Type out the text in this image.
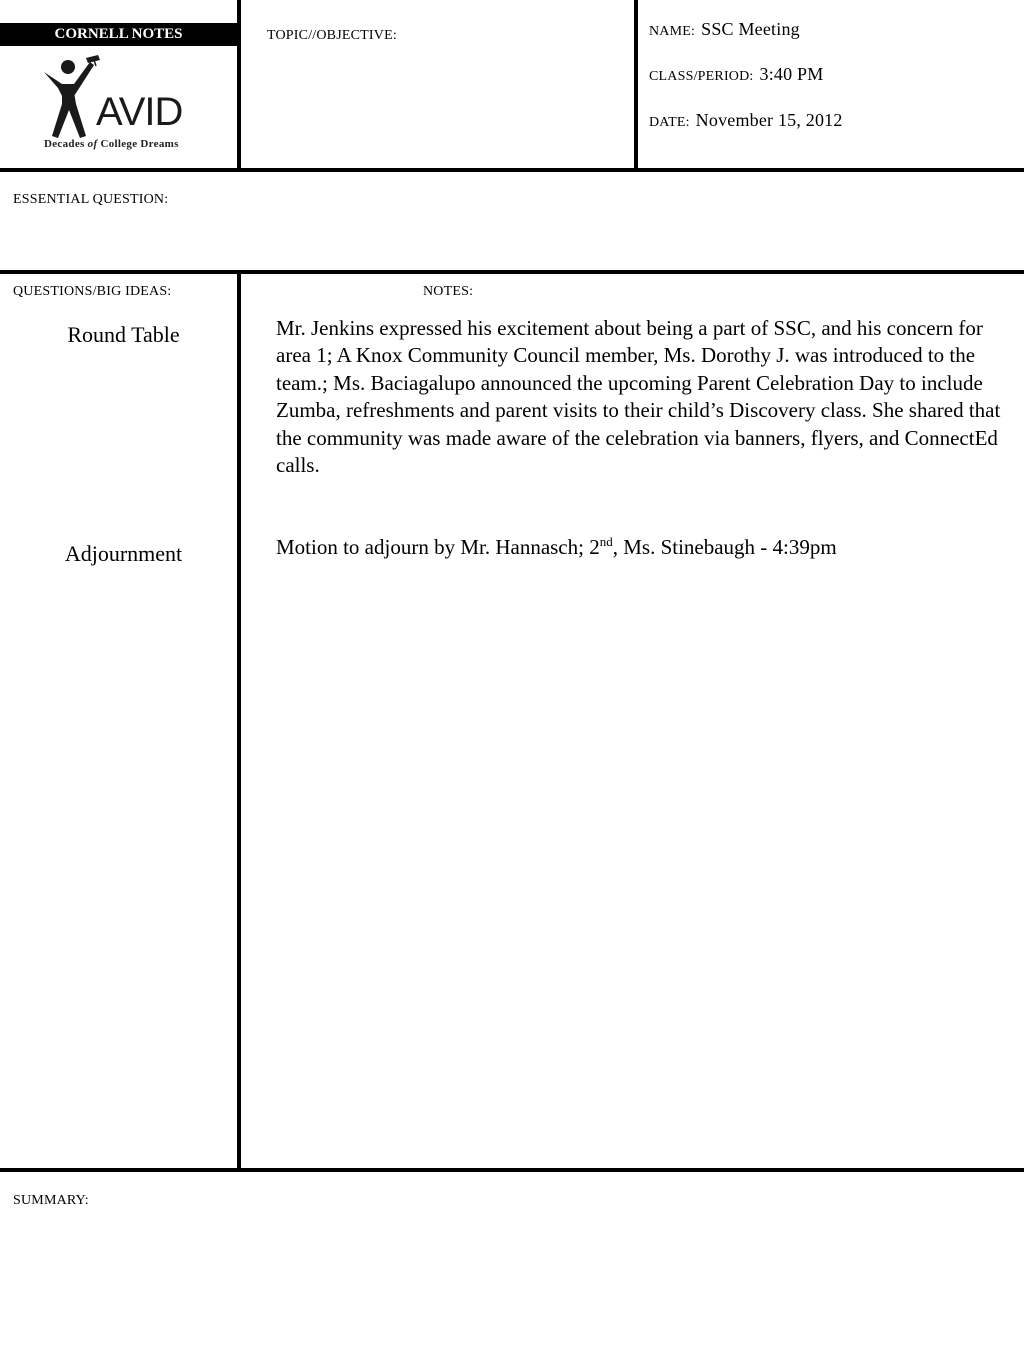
CORNELL NOTES
AVID
Decades of College Dreams
TOPIC//OBJECTIVE:	NAME: SSC Meeting
CLASS/PERIOD: 3:40 PM
DATE: November 15, 2012
ESSENTIAL QUESTION:
QUESTIONS/BIG IDEAS:	NOTES:
Round Table	Mr. Jenkins expressed his excitement about being a part of SSC, and his concern for area 1; A Knox Community Council member, Ms. Dorothy J. was introduced to the team.; Ms. Baciagalupo announced the upcoming Parent Celebration Day to include Zumba, refreshments and parent visits to their child’s Discovery class. She shared that the community was made aware of the celebration via banners, flyers, and ConnectEd calls.
Adjournment	Motion to adjourn by Mr. Hannasch; 2nd, Ms. Stinebaugh - 4:39pm
SUMMARY:
